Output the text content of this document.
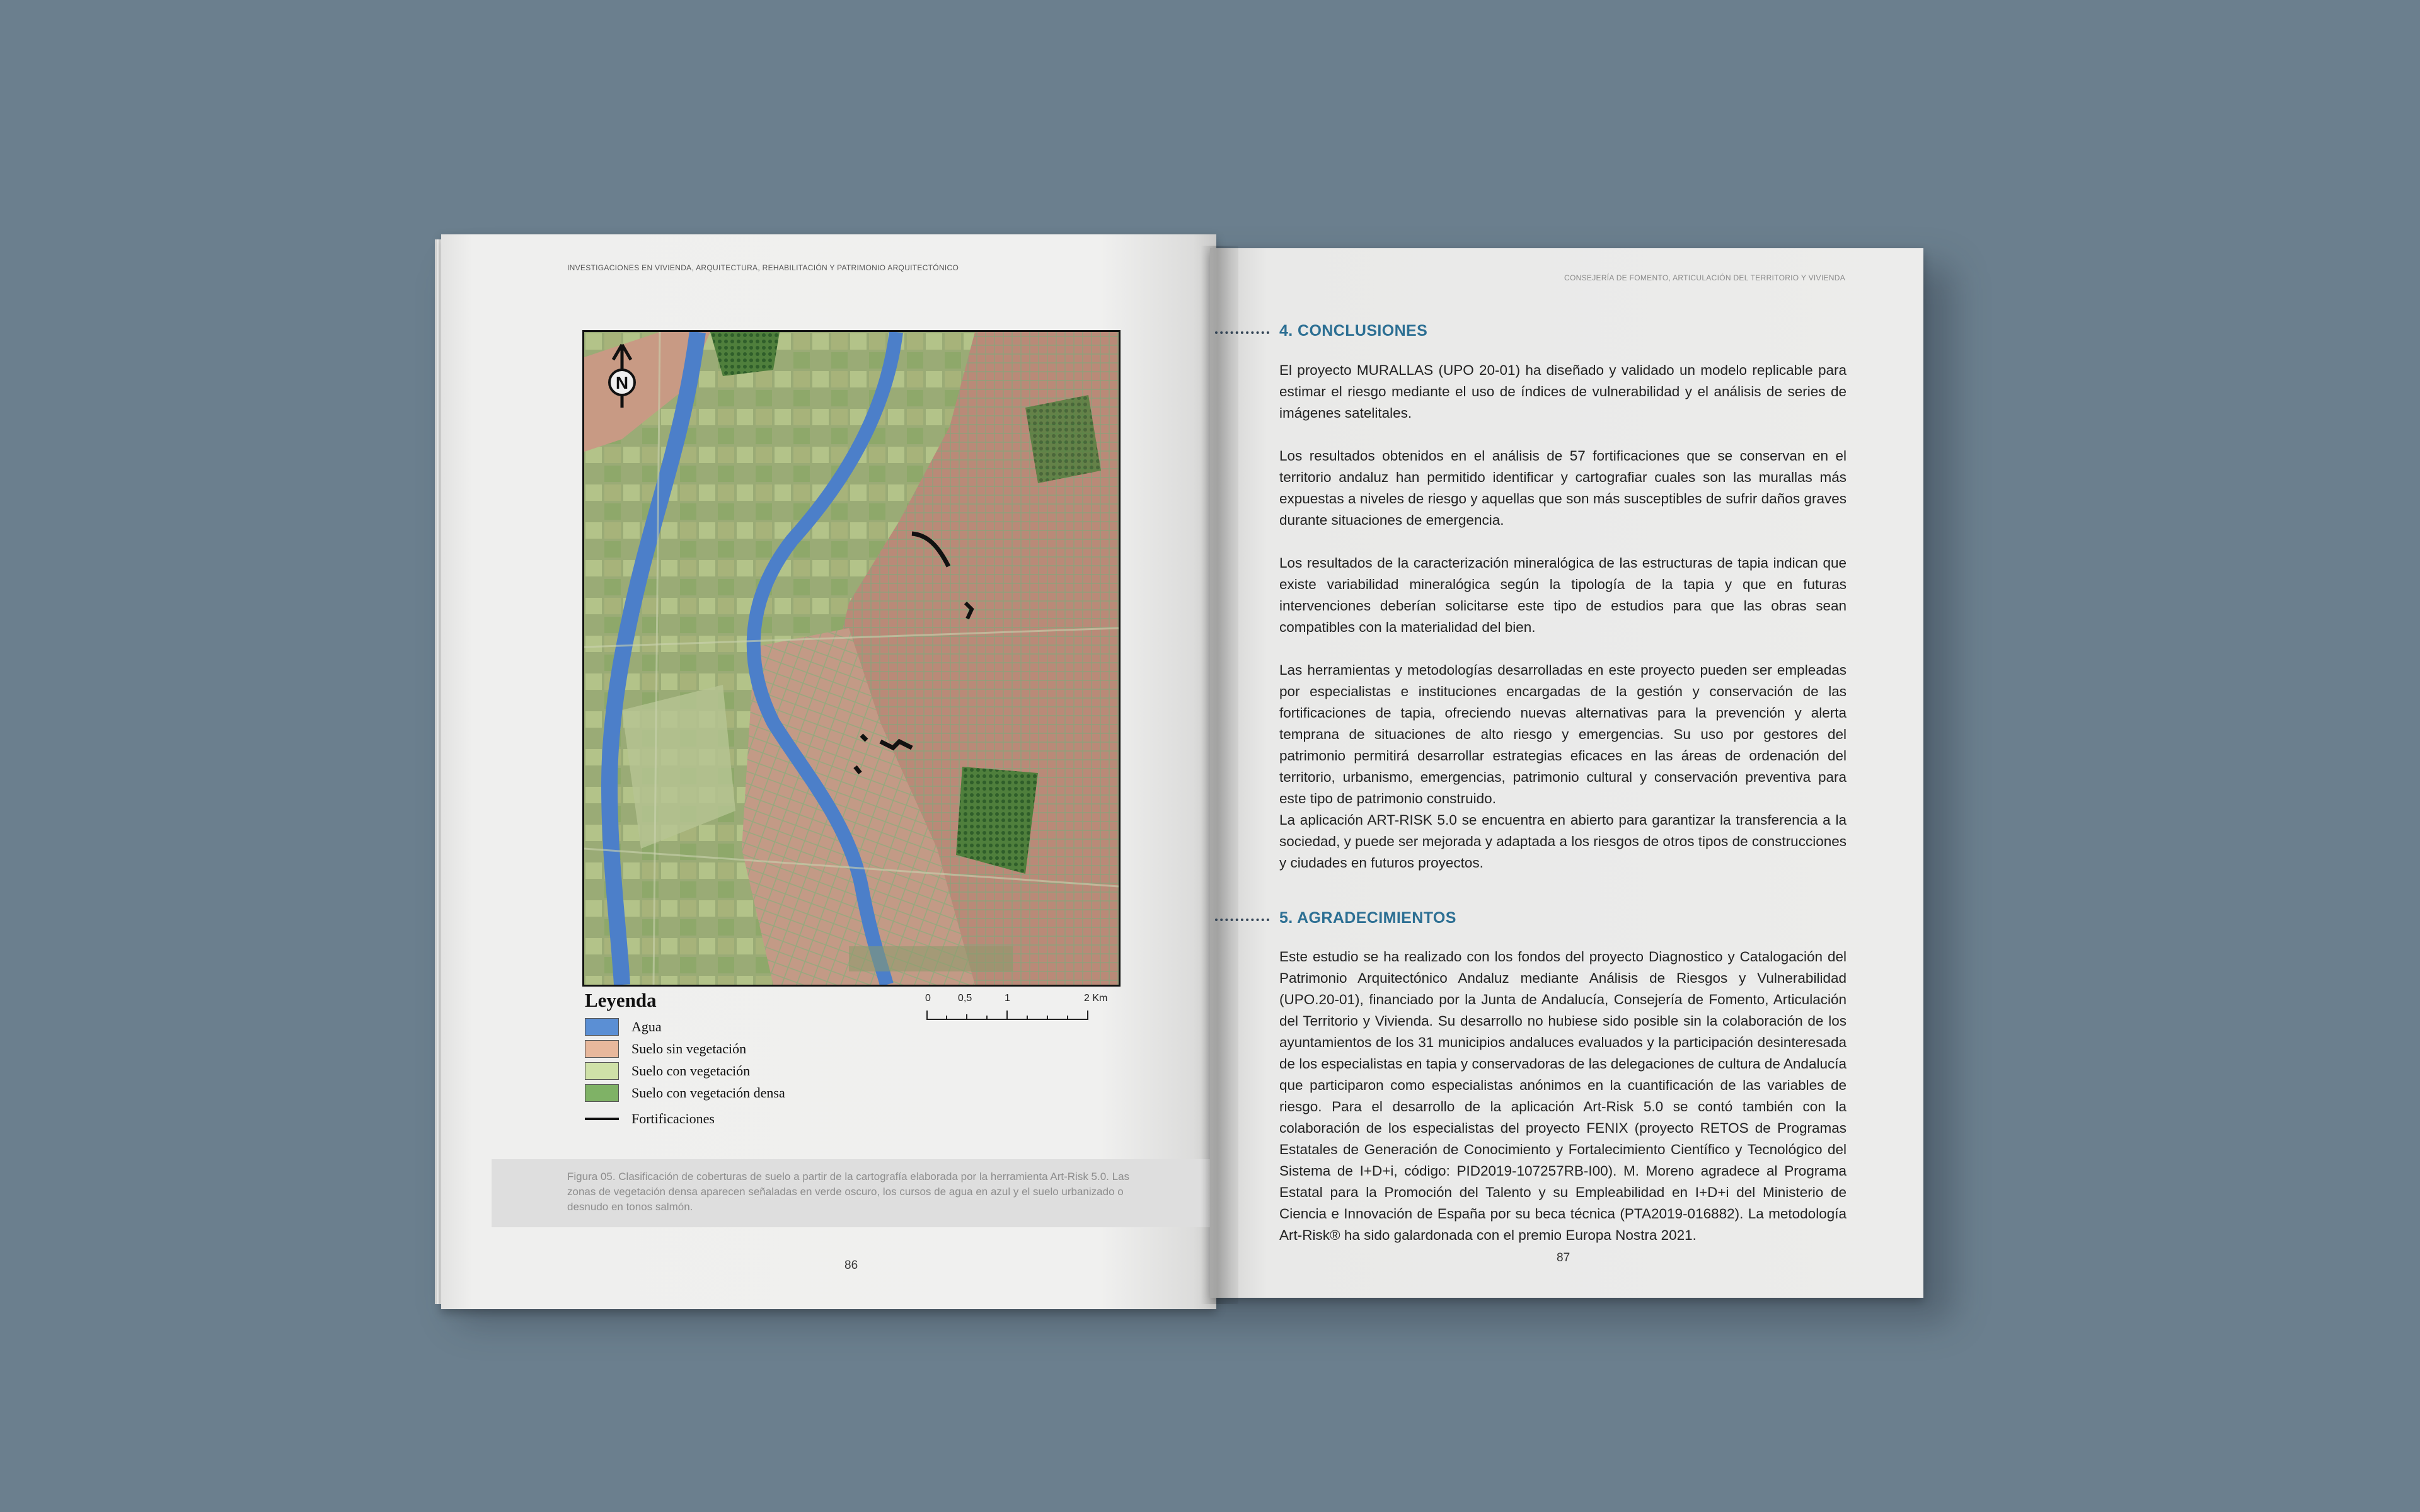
INVESTIGACIONES EN VIVIENDA, ARQUITECTURA, REHABILITACIÓN Y PATRIMONIO ARQUITECTÓNICO
N
Leyenda
Agua
Suelo sin vegetación
Suelo con vegetación
Suelo con vegetación densa
Fortificaciones
0	0,5	1	2 Km
Figura 05. Clasificación de coberturas de suelo a partir de la cartografía elaborada por la herramienta Art-Risk 5.0. Las zonas de vegetación densa aparecen señaladas en verde oscuro, los cursos de agua en azul y el suelo urbanizado o desnudo en tonos salmón.
86
CONSEJERÍA DE FOMENTO, ARTICULACIÓN DEL TERRITORIO Y VIVIENDA
4. CONCLUSIONES

El proyecto MURALLAS (UPO 20-01) ha diseñado y validado un modelo replicable para estimar el riesgo mediante el uso de índices de vulnerabilidad y el análisis de series de imágenes satelitales.

Los resultados obtenidos en el análisis de 57 fortificaciones que se conservan en el territorio andaluz han permitido identificar y cartografiar cuales son las murallas más expuestas a niveles de riesgo y aquellas que son más susceptibles de sufrir daños graves durante situaciones de emergencia.

Los resultados de la caracterización mineralógica de las estructuras de tapia indican que existe variabilidad mineralógica según la tipología de la tapia y que en futuras intervenciones deberían solicitarse este tipo de estudios para que las obras sean compatibles con la materialidad del bien.

Las herramientas y metodologías desarrolladas en este proyecto pueden ser empleadas por especialistas e instituciones encargadas de la gestión y conservación de las fortificaciones de tapia, ofreciendo nuevas alternativas para la prevención y alerta temprana de situaciones de alto riesgo y emergencias. Su uso por gestores del patrimonio permitirá desarrollar estrategias eficaces en las áreas de ordenación del territorio, urbanismo, emergencias, patrimonio cultural y conservación preventiva para este tipo de patrimonio construido.

La aplicación ART-RISK 5.0 se encuentra en abierto para garantizar la transferencia a la sociedad, y puede ser mejorada y adaptada a los riesgos de otros tipos de construcciones y ciudades en futuros proyectos.

5. AGRADECIMIENTOS

Este estudio se ha realizado con los fondos del proyecto Diagnostico y Catalogación del Patrimonio Arquitectónico Andaluz mediante Análisis de Riesgos y Vulnerabilidad (UPO.20-01), financiado por la Junta de Andalucía, Consejería de Fomento, Articulación del Territorio y Vivienda. Su desarrollo no hubiese sido posible sin la colaboración de los ayuntamientos de los 31 municipios andaluces evaluados y la participación desinteresada de los especialistas en tapia y conservadoras de las delegaciones de cultura de Andalucía que participaron como especialistas anónimos en la cuantificación de las variables de riesgo. Para el desarrollo de la aplicación Art-Risk 5.0 se contó también con la colaboración de los especialistas del proyecto FENIX (proyecto RETOS de Programas Estatales de Generación de Conocimiento y Fortalecimiento Científico y Tecnológico del Sistema de I+D+i, código: PID2019-107257RB-I00). M. Moreno agradece al Programa Estatal para la Promoción del Talento y su Empleabilidad en I+D+i del Ministerio de Ciencia e Innovación de España por su beca técnica (PTA2019-016882). La metodología Art-Risk® ha sido galardonada con el premio Europa Nostra 2021.

87
